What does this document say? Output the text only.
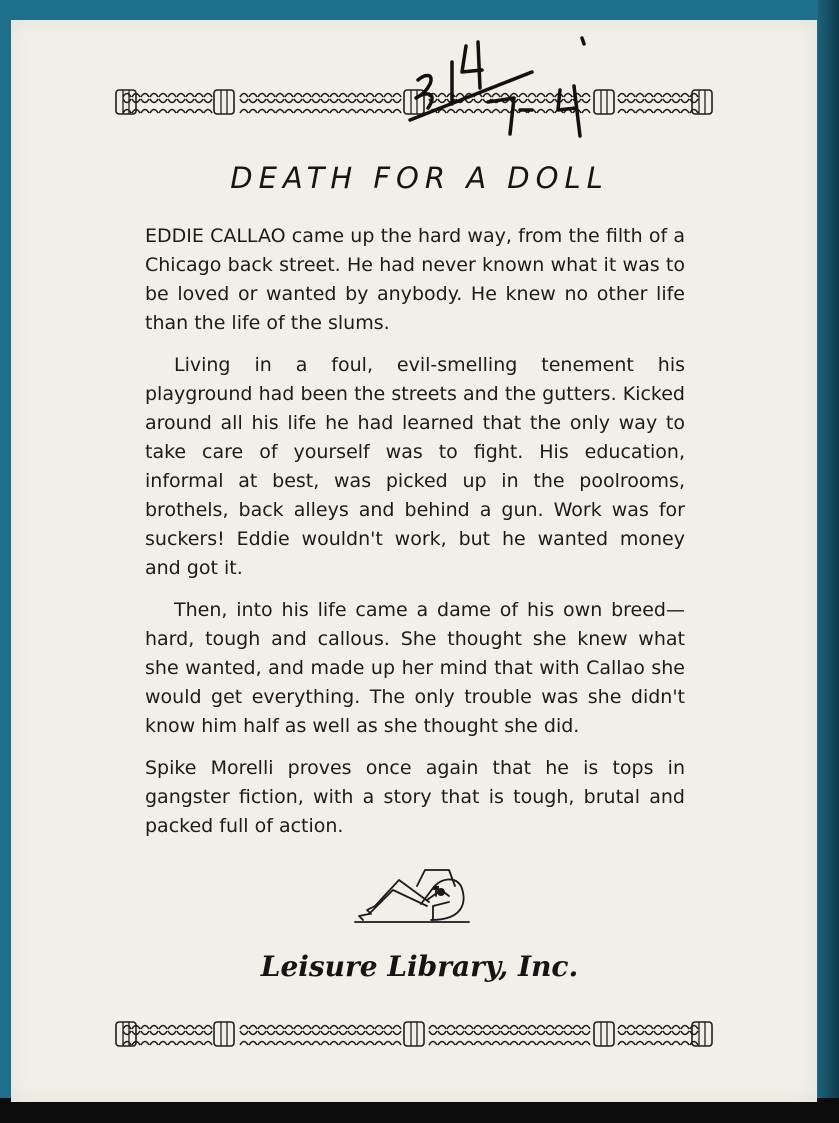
DEATH FOR A DOLL

EDDIE CALLAO came up the hard way, from the filth of a Chicago back street. He had never known what it was to be loved or wanted by anybody. He knew no other life than the life of the slums.

Living in a foul, evil-smelling tenement his playground had been the streets and the gutters. Kicked around all his life he had learned that the only way to take care of yourself was to fight. His education, informal at best, was picked up in the poolrooms, brothels, back alleys and behind a gun. Work was for suckers! Eddie wouldn't work, but he wanted money and got it.

Then, into his life came a dame of his own breed—hard, tough and callous. She thought she knew what she wanted, and made up her mind that with Callao she would get everything. The only trouble was she didn't know him half as well as she thought she did.

Spike Morelli proves once again that he is tops in gangster fiction, with a story that is tough, brutal and packed full of action.

Leisure Library, Inc.
